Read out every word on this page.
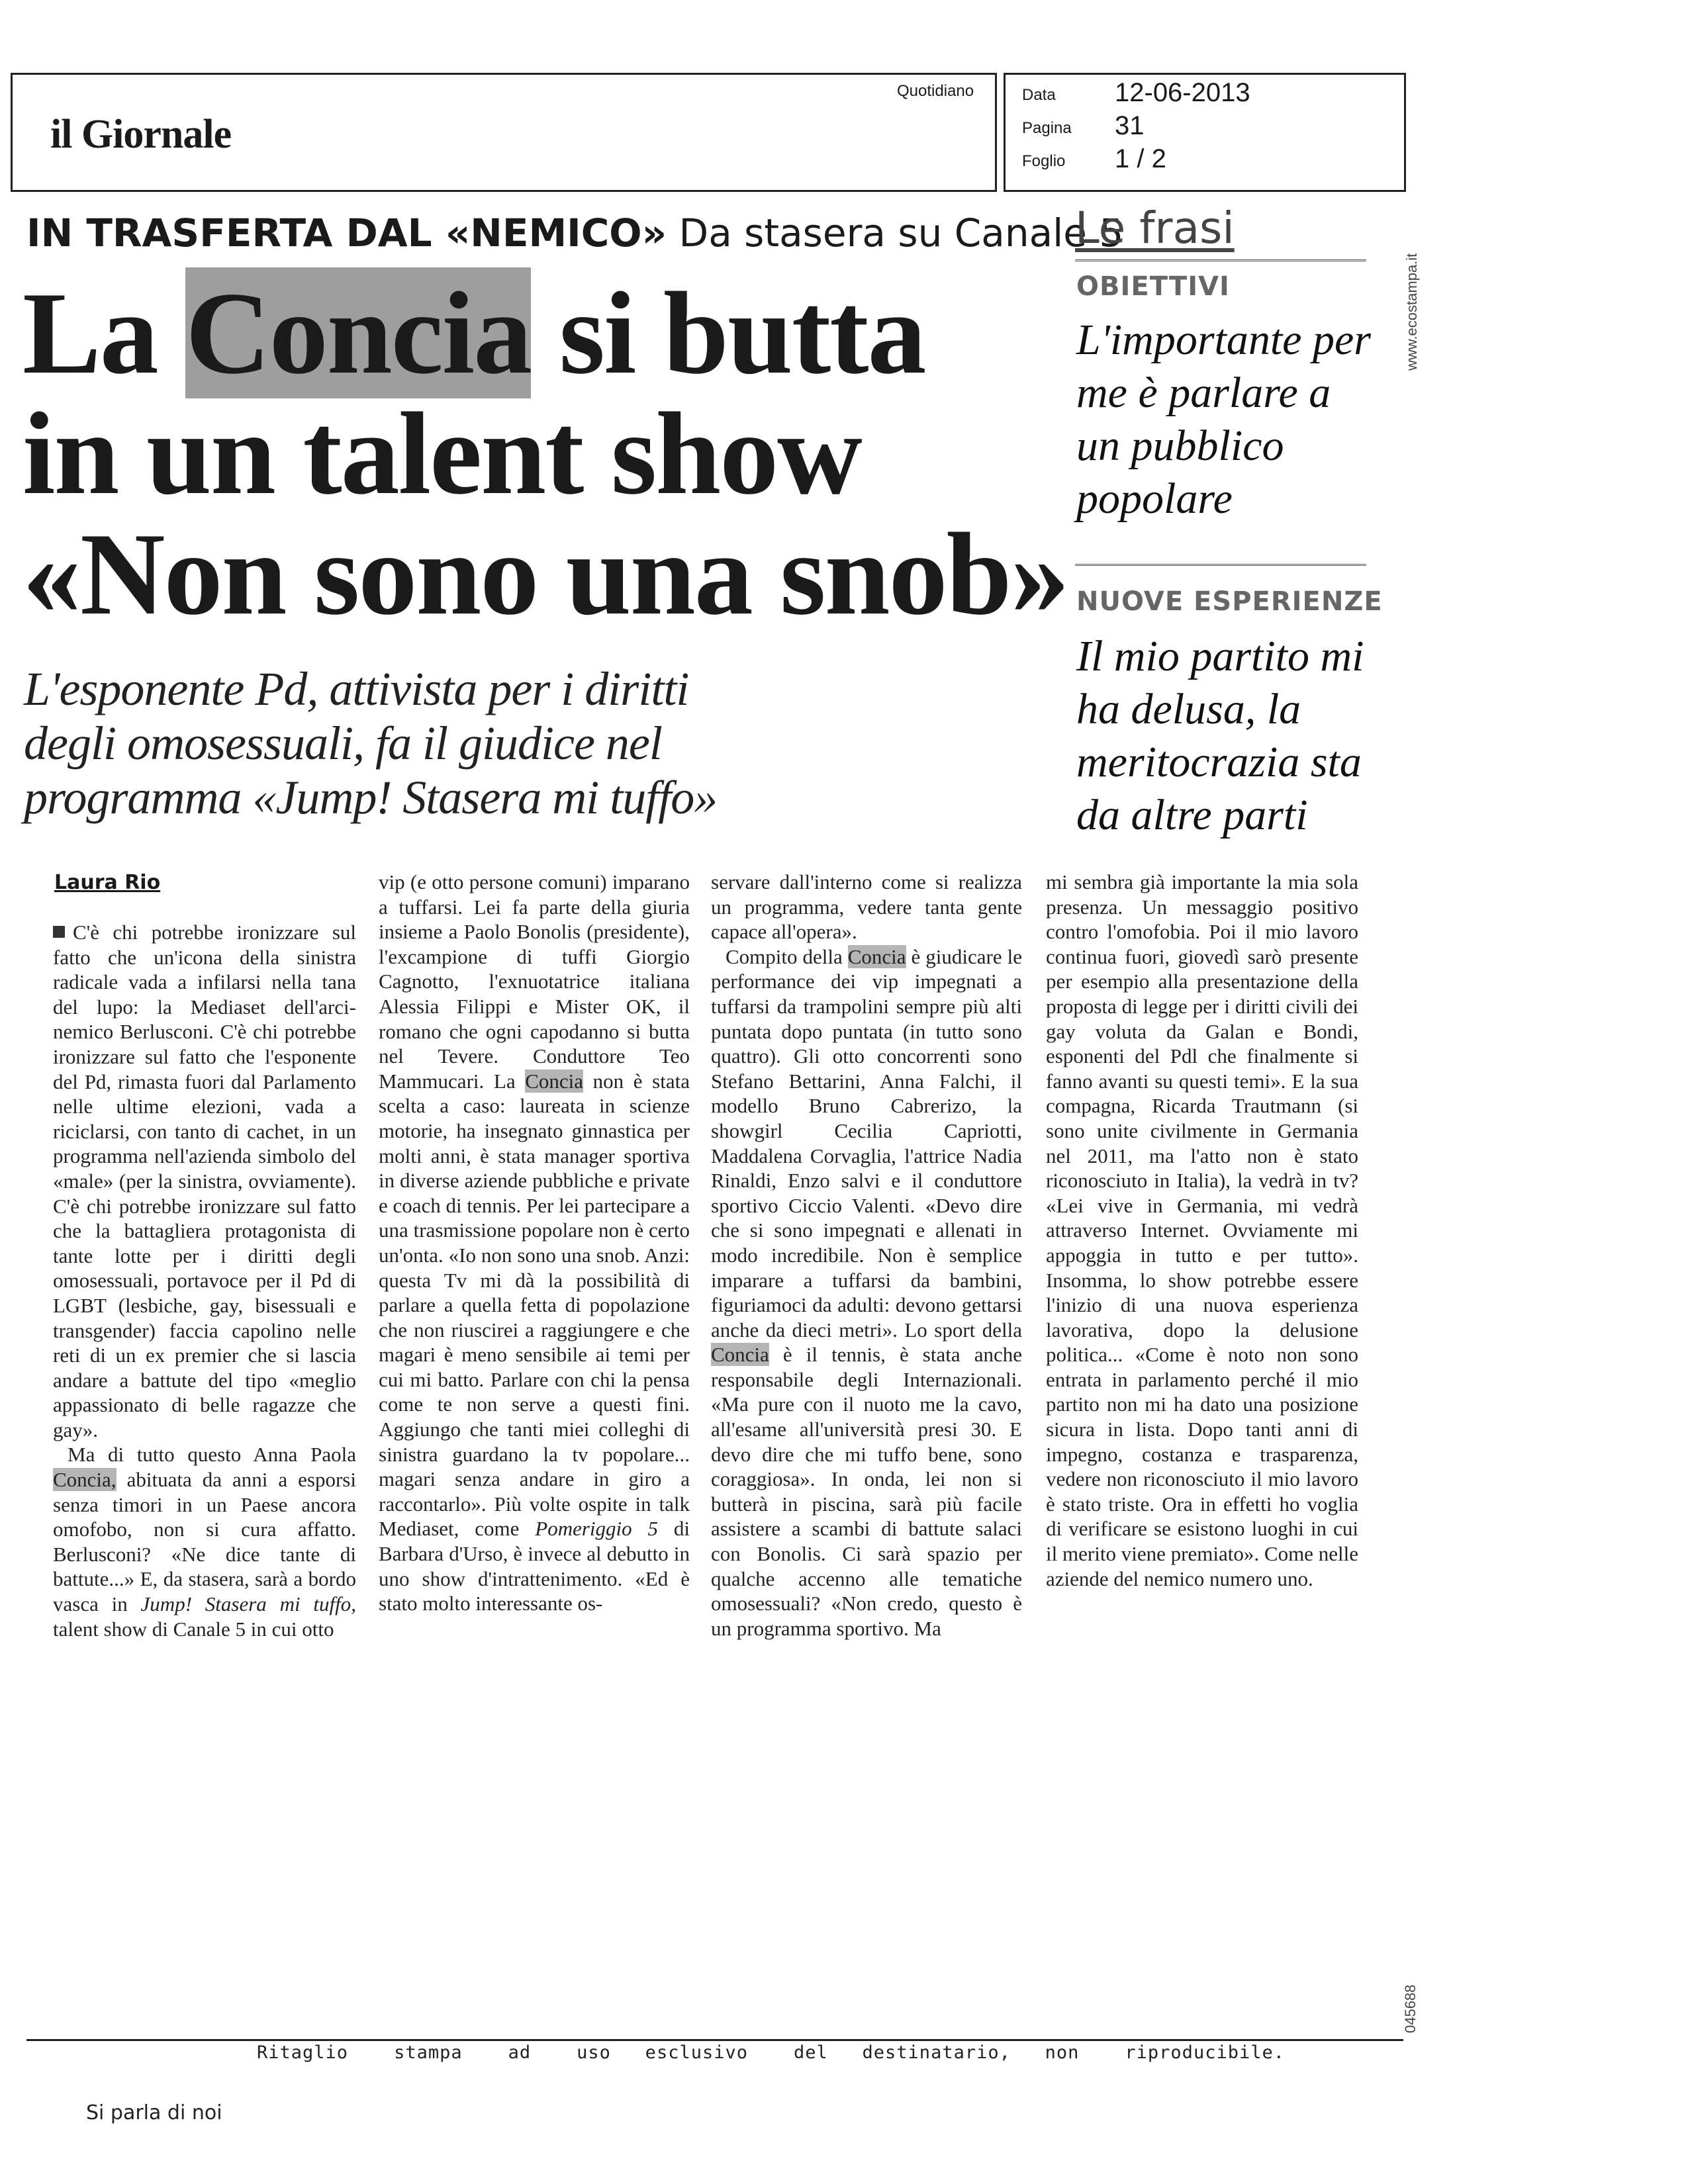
il Giornale
Quotidiano	Data 12-06-2013
Pagina 31
Foglio 1 / 2
IN TRASFERTA DAL «NEMICO» Da stasera su Canale 5
La Concia si butta
in un talent show
«Non sono una snob»
L'esponente Pd, attivista per i diritti
degli omosessuali, fa il giudice nel
programma «Jump! Stasera mi tuffo»
Le frasi
OBIETTIVI
L'importante per me è parlare a un pubblico popolare
NUOVE ESPERIENZE
Il mio partito mi ha delusa, la meritocrazia sta da altre parti
www.ecostampa.it
Laura Rio

C'è chi potrebbe ironizzare sul fatto che un'icona della sinistra radicale vada a infilarsi nella tana del lupo: la Mediaset dell'arci-nemico Berlusconi. C'è chi potrebbe ironizzare sul fatto che l'esponente del Pd, rimasta fuori dal Parlamento nelle ultime elezioni, vada a riciclarsi, con tanto di cachet, in un programma nell'azienda simbolo del «male» (per la sinistra, ovviamente). C'è chi potrebbe ironizzare sul fatto che la battagliera protagonista di tante lotte per i diritti degli omosessuali, portavoce per il Pd di LGBT (lesbiche, gay, bisessuali e transgender) faccia capolino nelle reti di un ex premier che si lascia andare a battute del tipo «meglio appassionato di belle ragazze che gay».

Ma di tutto questo Anna Paola Concia, abituata da anni a esporsi senza timori in un Paese ancora omofobo, non si cura affatto. Berlusconi? «Ne dice tante di battute...» E, da stasera, sarà a bordo vasca in Jump! Stasera mi tuffo, talent show di Canale 5 in cui otto

vip (e otto persone comuni) imparano a tuffarsi. Lei fa parte della giuria insieme a Paolo Bonolis (presidente), l'excampione di tuffi Giorgio Cagnotto, l'exnuotatrice italiana Alessia Filippi e Mister OK, il romano che ogni capodanno si butta nel Tevere. Conduttore Teo Mammucari. La Concia non è stata scelta a caso: laureata in scienze motorie, ha insegnato ginnastica per molti anni, è stata manager sportiva in diverse aziende pubbliche e private e coach di tennis. Per lei partecipare a una trasmissione popolare non è certo un'onta. «Io non sono una snob. Anzi: questa Tv mi dà la possibilità di parlare a quella fetta di popolazione che non riuscirei a raggiungere e che magari è meno sensibile ai temi per cui mi batto. Parlare con chi la pensa come te non serve a questi fini. Aggiungo che tanti miei colleghi di sinistra guardano la tv popolare... magari senza andare in giro a raccontarlo». Più volte ospite in talk Mediaset, come Pomeriggio 5 di Barbara d'Urso, è invece al debutto in uno show d'intrattenimento. «Ed è stato molto interessante os-

servare dall'interno come si realizza un programma, vedere tanta gente capace all'opera».

Compito della Concia è giudicare le performance dei vip impegnati a tuffarsi da trampolini sempre più alti puntata dopo puntata (in tutto sono quattro). Gli otto concorrenti sono Stefano Bettarini, Anna Falchi, il modello Bruno Cabrerizo, la showgirl Cecilia Capriotti, Maddalena Corvaglia, l'attrice Nadia Rinaldi, Enzo salvi e il conduttore sportivo Ciccio Valenti. «Devo dire che si sono impegnati e allenati in modo incredibile. Non è semplice imparare a tuffarsi da bambini, figuriamoci da adulti: devono gettarsi anche da dieci metri». Lo sport della Concia è il tennis, è stata anche responsabile degli Internazionali. «Ma pure con il nuoto me la cavo, all'esame all'università presi 30. E devo dire che mi tuffo bene, sono coraggiosa». In onda, lei non si butterà in piscina, sarà più facile assistere a scambi di battute salaci con Bonolis. Ci sarà spazio per qualche accenno alle tematiche omosessuali? «Non credo, questo è un programma sportivo. Ma

mi sembra già importante la mia sola presenza. Un messaggio positivo contro l'omofobia. Poi il mio lavoro continua fuori, giovedì sarò presente per esempio alla presentazione della proposta di legge per i diritti civili dei gay voluta da Galan e Bondi, esponenti del Pdl che finalmente si fanno avanti su questi temi». E la sua compagna, Ricarda Trautmann (si sono unite civilmente in Germania nel 2011, ma l'atto non è stato riconosciuto in Italia), la vedrà in tv? «Lei vive in Germania, mi vedrà attraverso Internet. Ovviamente mi appoggia in tutto e per tutto». Insomma, lo show potrebbe essere l'inizio di una nuova esperienza lavorativa, dopo la delusione politica... «Come è noto non sono entrata in parlamento perché il mio partito non mi ha dato una posizione sicura in lista. Dopo tanti anni di impegno, costanza e trasparenza, vedere non riconosciuto il mio lavoro è stato triste. Ora in effetti ho voglia di verificare se esistono luoghi in cui il merito viene premiato». Come nelle aziende del nemico numero uno.

045688
Ritaglio    stampa    ad    uso   esclusivo    del   destinatario,   non    riproducibile.
Si parla di noi
